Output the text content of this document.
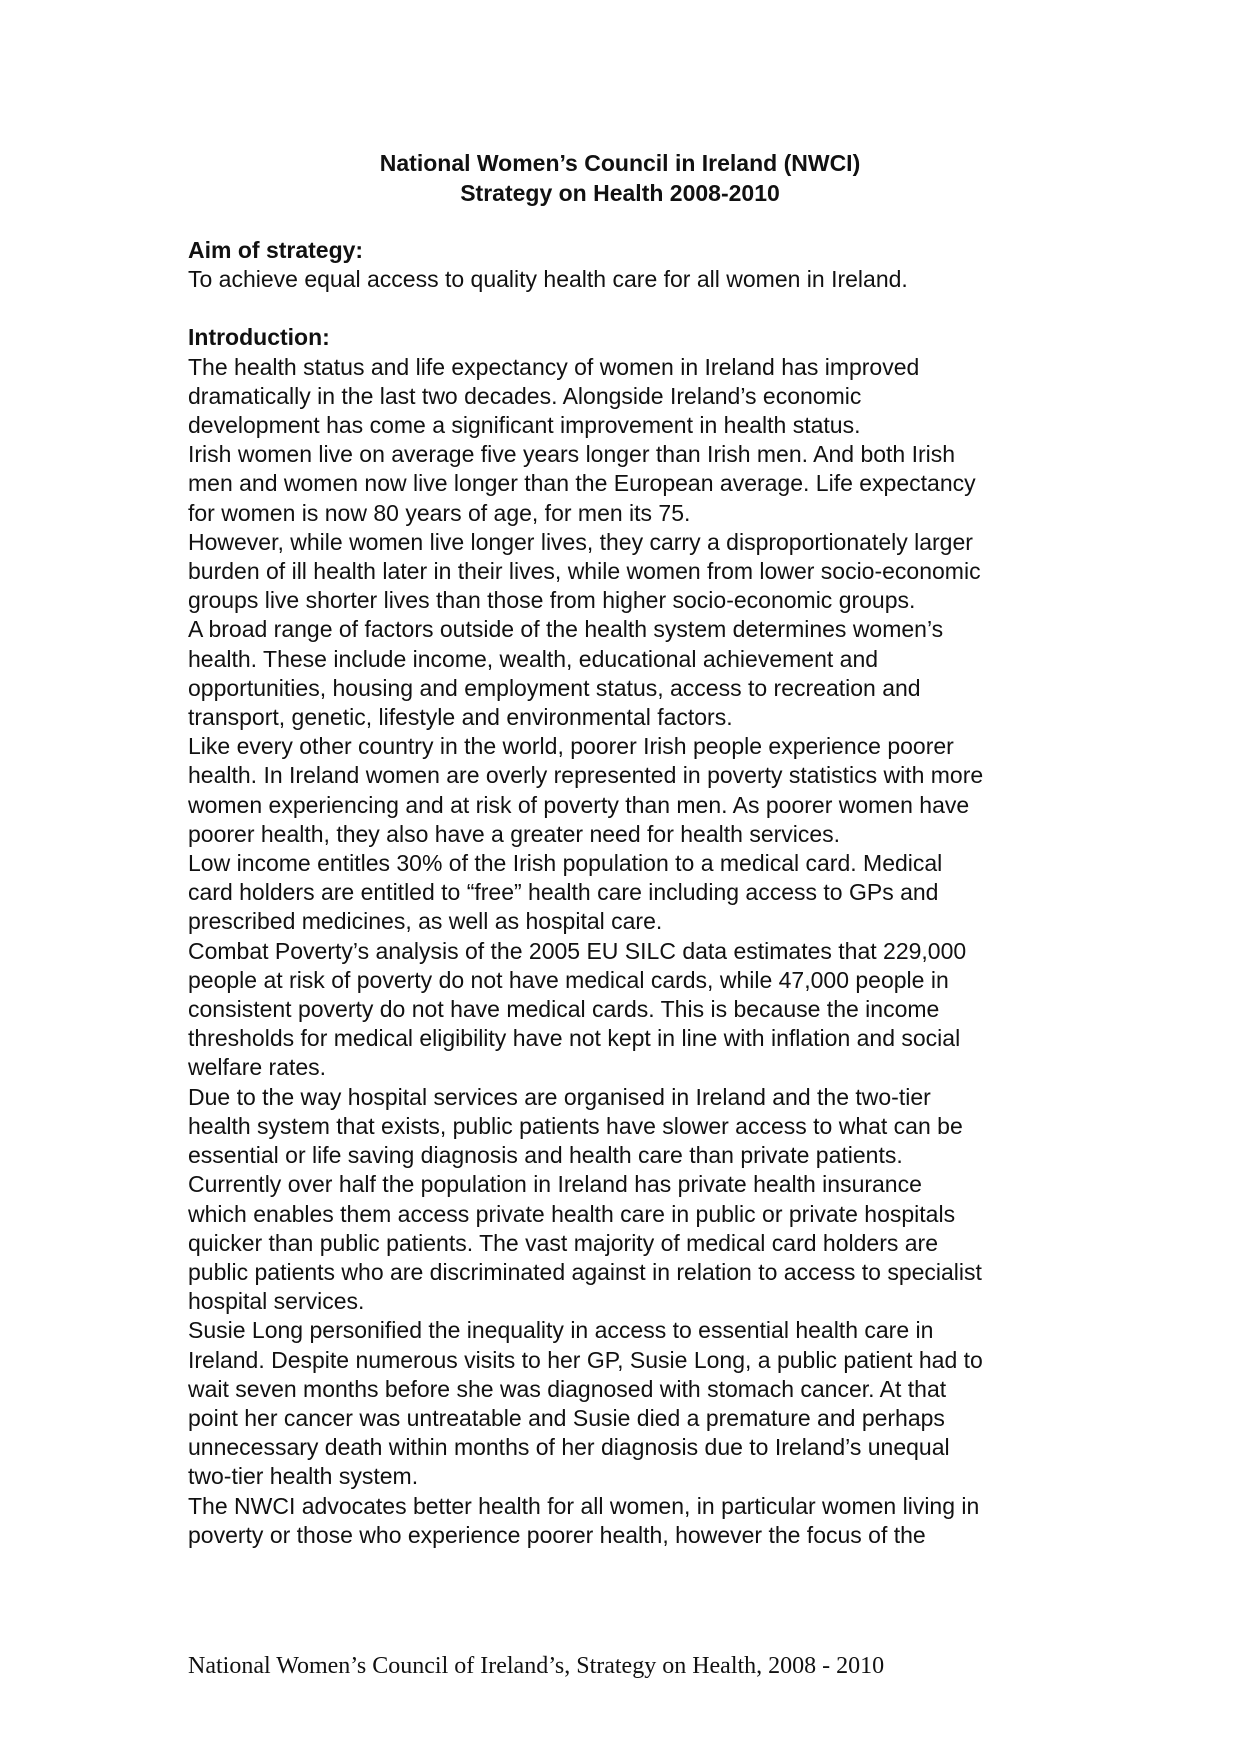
National Women’s Council in Ireland (NWCI)

Strategy on Health 2008-2010

Aim of strategy:

To achieve equal access to quality health care for all women in Ireland.

Introduction:

The health status and life expectancy of women in Ireland has improved

dramatically in the last two decades. Alongside Ireland’s economic

development has come a significant improvement in health status.

Irish women live on average five years longer than Irish men. And both Irish

men and women now live longer than the European average. Life expectancy

for women is now 80 years of age, for men its 75.

However, while women live longer lives, they carry a disproportionately larger

burden of ill health later in their lives, while women from lower socio-economic

groups live shorter lives than those from higher socio-economic groups.

A broad range of factors outside of the health system determines women’s

health. These include income, wealth, educational achievement and

opportunities, housing and employment status, access to recreation and

transport, genetic, lifestyle and environmental factors.

Like every other country in the world, poorer Irish people experience poorer

health. In Ireland women are overly represented in poverty statistics with more

women experiencing and at risk of poverty than men. As poorer women have

poorer health, they also have a greater need for health services.

Low income entitles 30% of the Irish population to a medical card. Medical

card holders are entitled to “free” health care including access to GPs and

prescribed medicines, as well as hospital care.

Combat Poverty’s analysis of the 2005 EU SILC data estimates that 229,000

people at risk of poverty do not have medical cards, while 47,000 people in

consistent poverty do not have medical cards. This is because the income

thresholds for medical eligibility have not kept in line with inflation and social

welfare rates.

Due to the way hospital services are organised in Ireland and the two-tier

health system that exists, public patients have slower access to what can be

essential or life saving diagnosis and health care than private patients.

Currently over half the population in Ireland has private health insurance

which enables them access private health care in public or private hospitals

quicker than public patients. The vast majority of medical card holders are

public patients who are discriminated against in relation to access to specialist

hospital services.

Susie Long personified the inequality in access to essential health care in

Ireland. Despite numerous visits to her GP, Susie Long, a public patient had to

wait seven months before she was diagnosed with stomach cancer. At that

point her cancer was untreatable and Susie died a premature and perhaps

unnecessary death within months of her diagnosis due to Ireland’s unequal

two-tier health system.

The NWCI advocates better health for all women, in particular women living in

poverty or those who experience poorer health, however the focus of the

National Women’s Council of Ireland’s, Strategy on Health, 2008 - 2010
